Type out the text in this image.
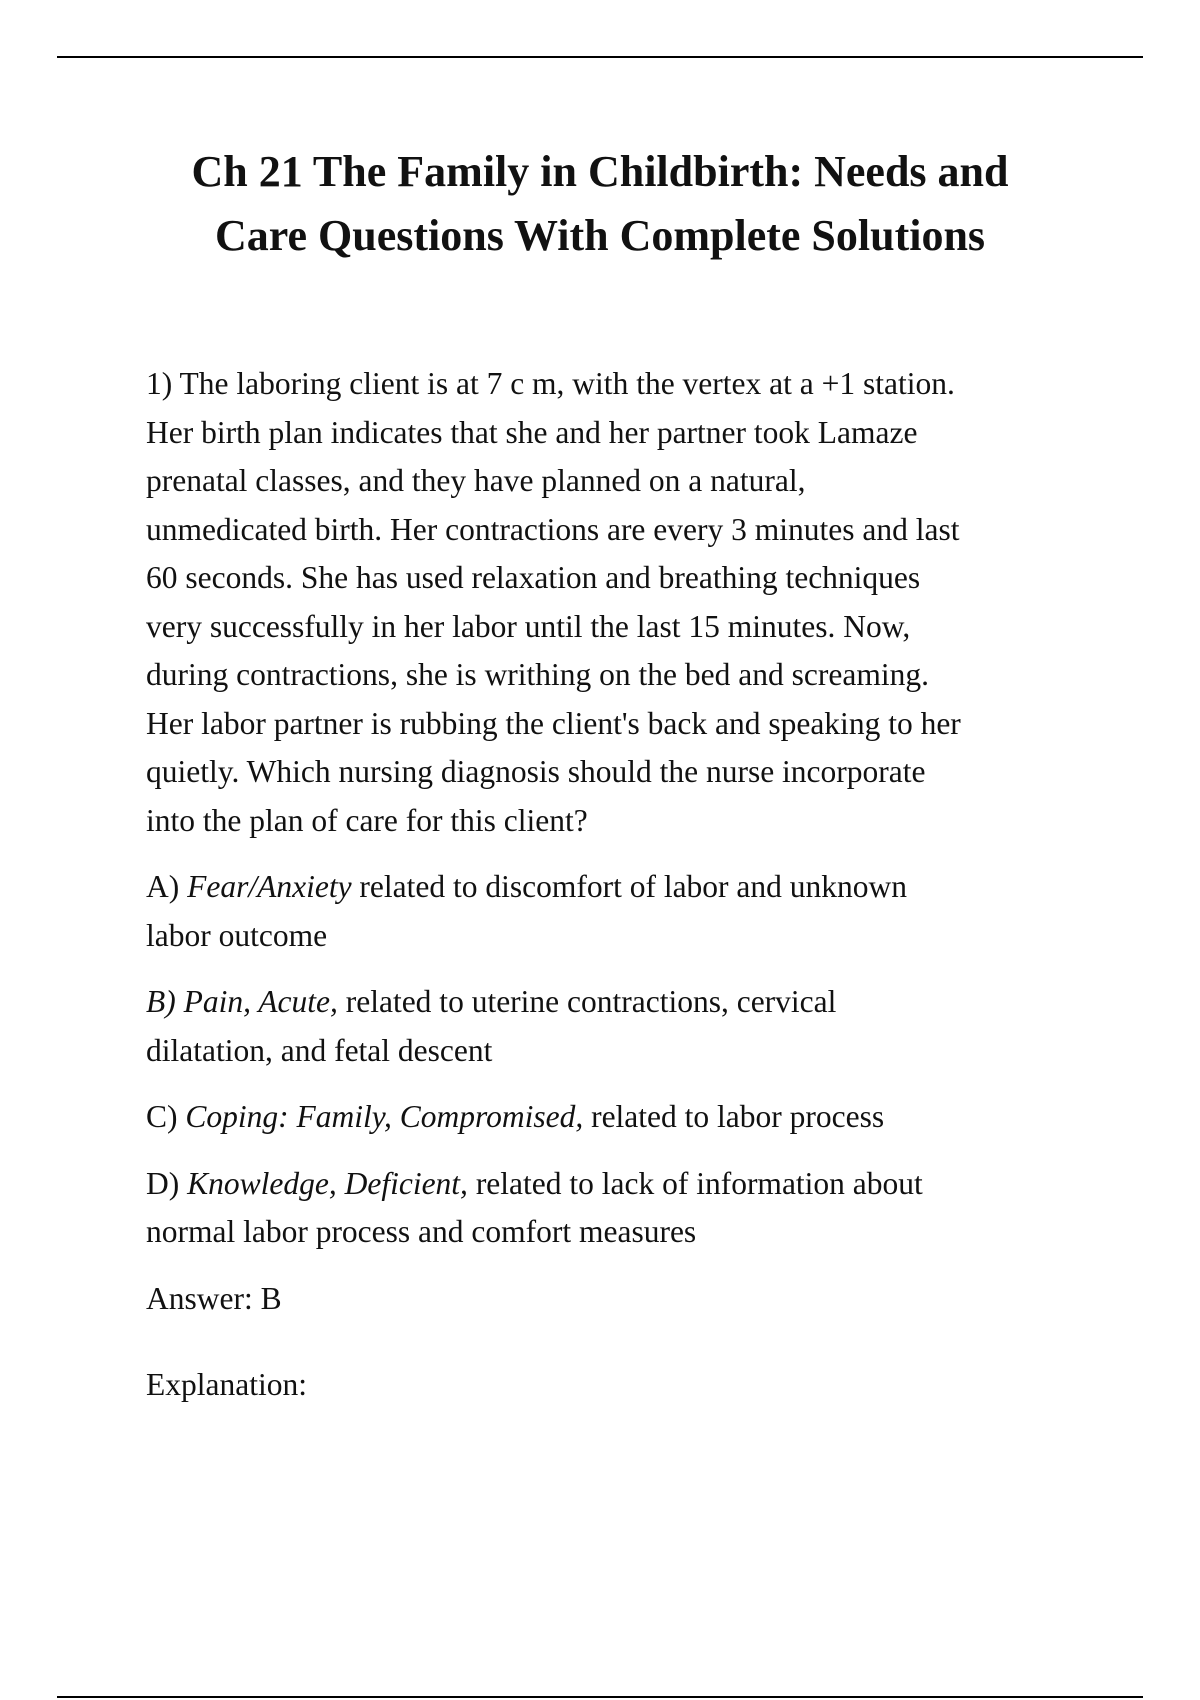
Ch 21 The Family in Childbirth: Needs and
Care Questions With Complete Solutions

1) The laboring client is at 7 c m, with the vertex at a +1 station.
Her birth plan indicates that she and her partner took Lamaze
prenatal classes, and they have planned on a natural,
unmedicated birth. Her contractions are every 3 minutes and last
60 seconds. She has used relaxation and breathing techniques
very successfully in her labor until the last 15 minutes. Now,
during contractions, she is writhing on the bed and screaming.
Her labor partner is rubbing the client's back and speaking to her
quietly. Which nursing diagnosis should the nurse incorporate
into the plan of care for this client?

A) Fear/Anxiety related to discomfort of labor and unknown
labor outcome

B) Pain, Acute, related to uterine contractions, cervical
dilatation, and fetal descent

C) Coping: Family, Compromised, related to labor process

D) Knowledge, Deficient, related to lack of information about
normal labor process and comfort measures

Answer: B

Explanation:
